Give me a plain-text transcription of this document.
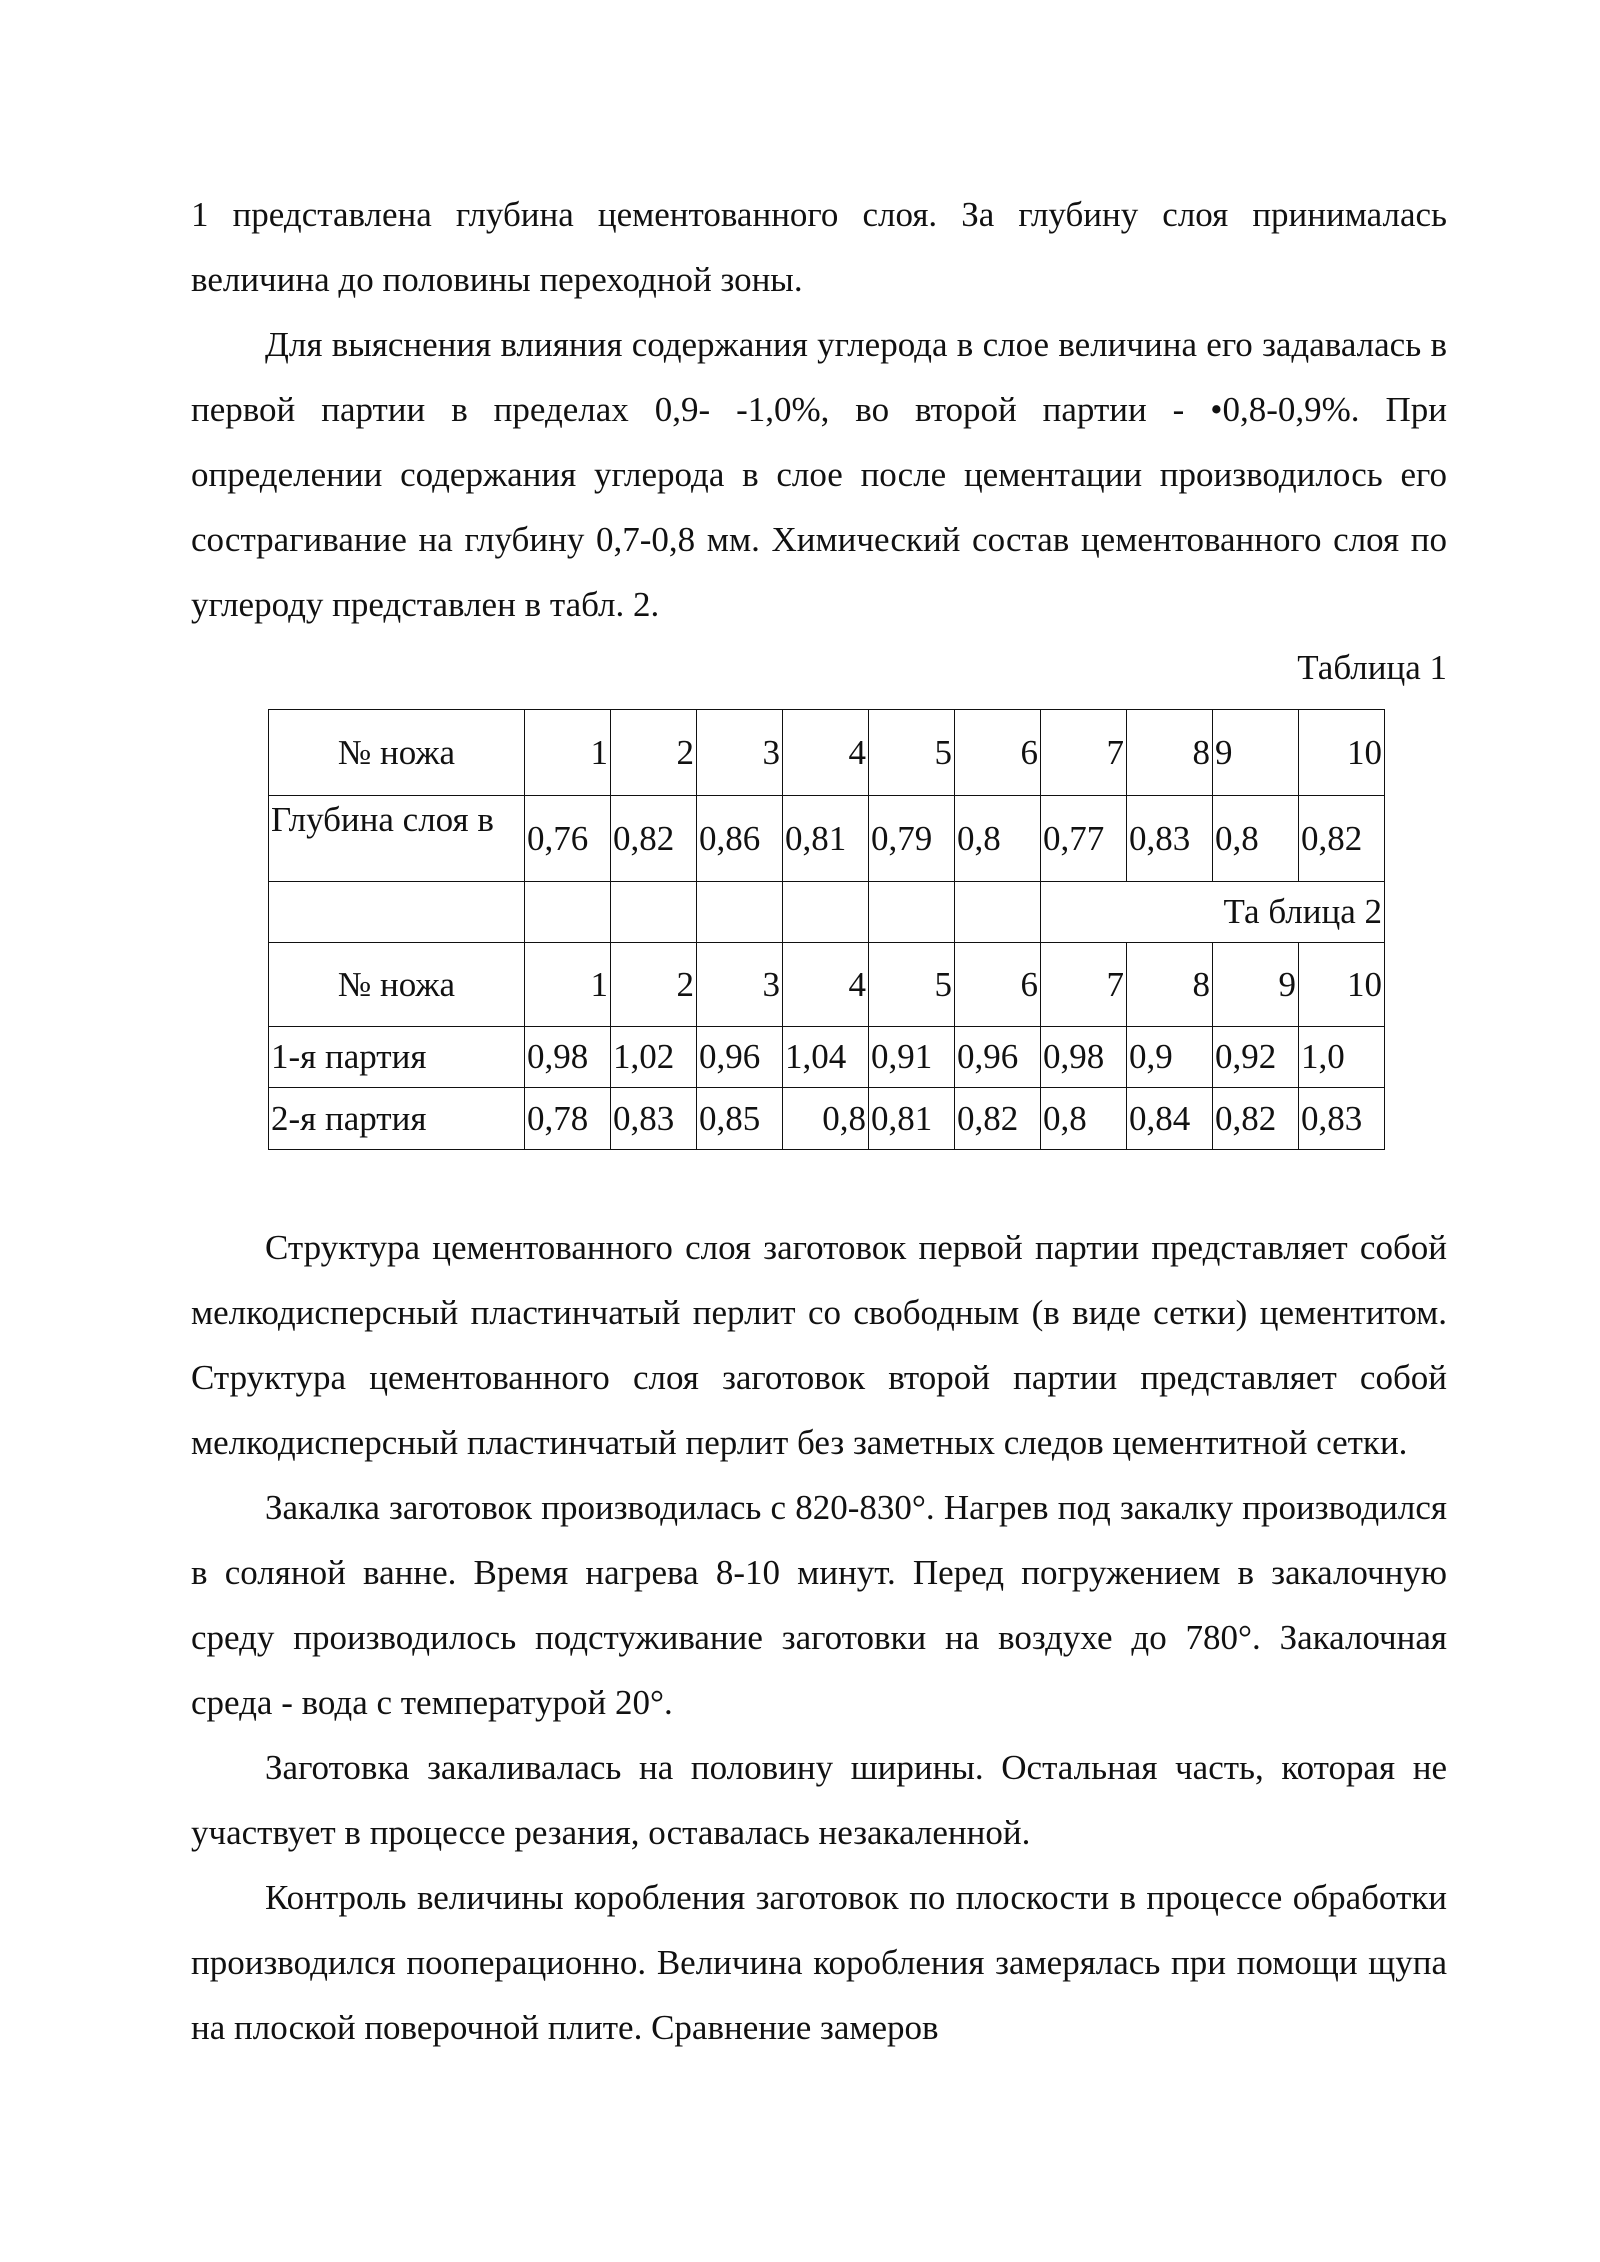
1 представлена глубина цементованного слоя. За глубину слоя принималась величина до половины переходной зоны.

Для выяснения влияния содержания углерода в слое величина его задавалась в первой партии в пределах 0,9- -1,0%, во второй партии - •0,8-0,9%. При определении содержания углерода в слое после цементации производилось его сострагивание на глубину 0,7-0,8 мм. Химический состав цементованного слоя по углероду представлен в табл. 2.

Таблица 1
№ ножа	1	2	3	4	5	6	7	8	9	10
Глубина слоя в	0,76	0,82	0,86	0,81	0,79	0,8	0,77	0,83	0,8	0,82
							Та блица 2			
№ ножа	1	2	3	4	5	6	7	8	9	10
1-я партия	0,98	1,02	0,96	1,04	0,91	0,96	0,98	0,9	0,92	1,0
2-я партия	0,78	0,83	0,85	0,8	0,81	0,82	0,8	0,84	0,82	0,83

Структура цементованного слоя заготовок первой партии представляет собой мелкодисперсный пластинчатый перлит со свободным (в виде сетки) цементитом. Структура цементованного слоя заготовок второй партии представляет собой мелкодисперсный пластинчатый перлит без заметных следов цементитной сетки.

Закалка заготовок производилась с 820-830°. Нагрев под закалку производился в соляной ванне. Время нагрева 8-10 минут. Перед погружением в закалочную среду производилось подстуживание заготовки на воздухе до 780°. Закалочная среда - вода с температурой 20°.

Заготовка закаливалась на половину ширины. Остальная часть, которая не участвует в процессе резания, оставалась незакаленной.

Контроль величины коробления заготовок по плоскости в процессе обработки производился пооперационно. Величина коробления замерялась при помощи щупа на плоской поверочной плите. Сравнение замеров
